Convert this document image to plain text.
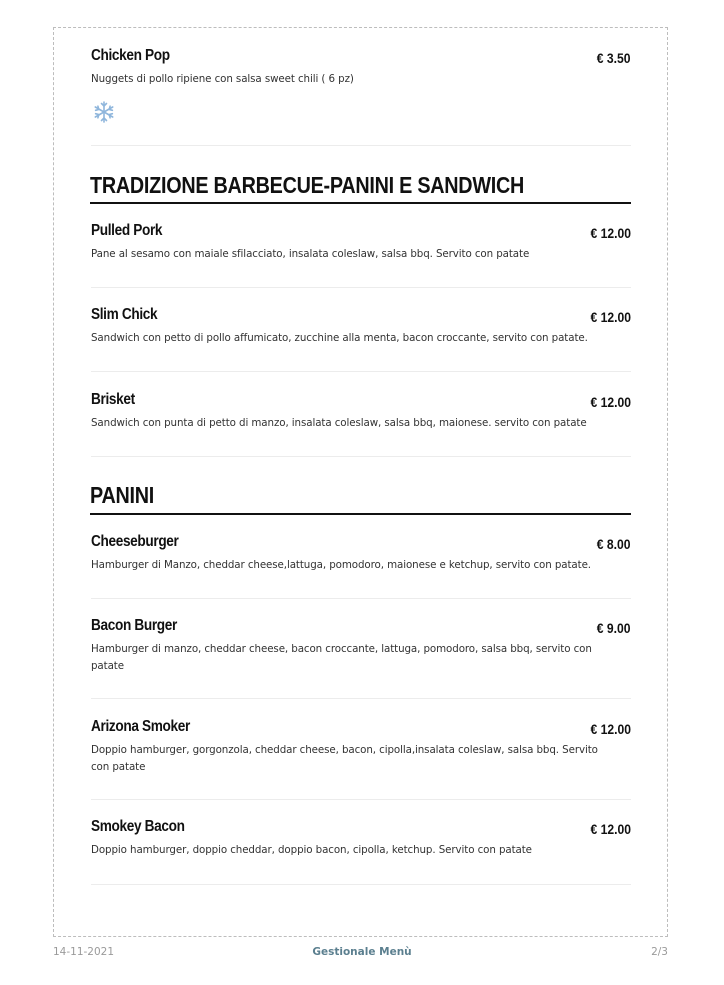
Chicken Pop	€ 3.50
Nuggets di pollo ripiene con salsa sweet chili ( 6 pz)
TRADIZIONE BARBECUE-PANINI E SANDWICH
Pulled Pork	€ 12.00
Pane al sesamo con maiale sfilacciato, insalata coleslaw, salsa bbq. Servito con patate
Slim Chick	€ 12.00
Sandwich con petto di pollo affumicato, zucchine alla menta, bacon croccante, servito con patate.
Brisket	€ 12.00
Sandwich con punta di petto di manzo, insalata coleslaw, salsa bbq, maionese. servito con patate
PANINI
Cheeseburger	€ 8.00
Hamburger di Manzo, cheddar cheese,lattuga, pomodoro, maionese e ketchup, servito con patate.
Bacon Burger	€ 9.00
Hamburger di manzo, cheddar cheese, bacon croccante, lattuga, pomodoro, salsa bbq, servito con patate
Arizona Smoker	€ 12.00
Doppio hamburger, gorgonzola, cheddar cheese, bacon, cipolla,insalata coleslaw, salsa bbq. Servito con patate
Smokey Bacon	€ 12.00
Doppio hamburger, doppio cheddar, doppio bacon, cipolla, ketchup. Servito con patate
14-11-2021	Gestionale Menù	2/3
